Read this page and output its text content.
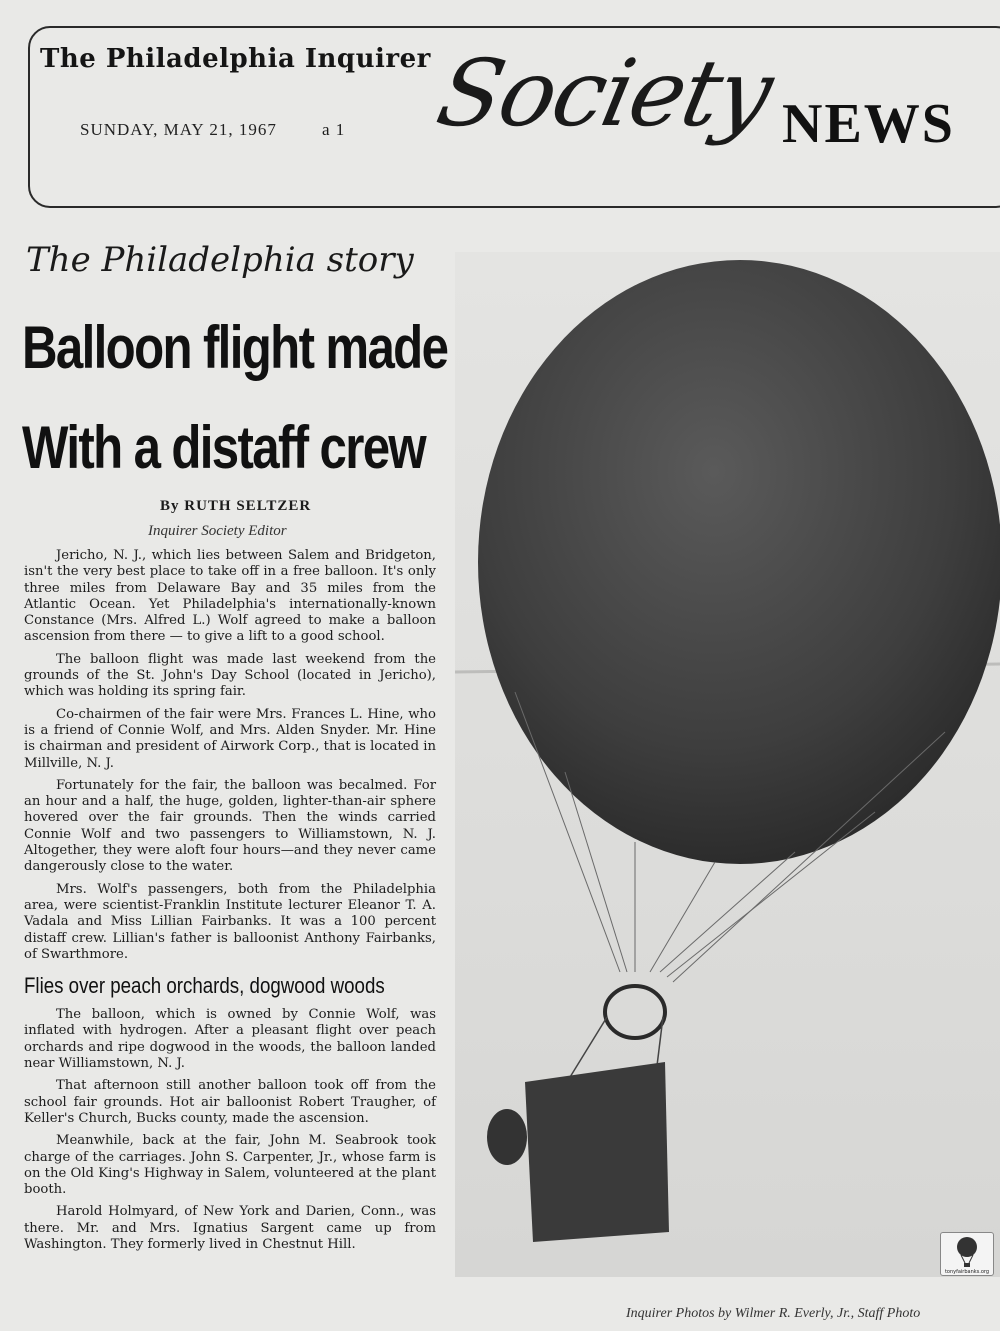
The Philadelphia Inquirer
SUNDAY, MAY 21, 1967	a 1 Society NEWS
The Philadelphia story
Balloon flight made
With a distaff crew
By RUTH SELTZER
Inquirer Society Editor

Jericho, N. J., which lies between Salem and Bridgeton, isn't the very best place to take off in a free balloon. It's only three miles from Delaware Bay and 35 miles from the Atlantic Ocean. Yet Philadelphia's internationally-known Constance (Mrs. Alfred L.) Wolf agreed to make a balloon ascension from there — to give a lift to a good school.

The balloon flight was made last weekend from the grounds of the St. John's Day School (located in Jericho), which was holding its spring fair.

Co-chairmen of the fair were Mrs. Frances L. Hine, who is a friend of Connie Wolf, and Mrs. Alden Snyder. Mr. Hine is chairman and president of Airwork Corp., that is located in Millville, N. J.

Fortunately for the fair, the balloon was becalmed. For an hour and a half, the huge, golden, lighter-than-air sphere hovered over the fair grounds. Then the winds carried Connie Wolf and two passengers to Williamstown, N. J. Altogether, they were aloft four hours—and they never came dangerously close to the water.

Mrs. Wolf's passengers, both from the Philadelphia area, were scientist-Franklin Institute lecturer Eleanor T. A. Vadala and Miss Lillian Fairbanks. It was a 100 percent distaff crew. Lillian's father is balloonist Anthony Fairbanks, of Swarthmore.

Flies over peach orchards, dogwood woods

The balloon, which is owned by Connie Wolf, was inflated with hydrogen. After a pleasant flight over peach orchards and ripe dogwood in the woods, the balloon landed near Williamstown, N. J.

That afternoon still another balloon took off from the school fair grounds. Hot air balloonist Robert Traugher, of Keller's Church, Bucks county, made the ascension.

Meanwhile, back at the fair, John M. Seabrook took charge of the carriages. John S. Carpenter, Jr., whose farm is on the Old King's Highway in Salem, volunteered at the plant booth.

Harold Holmyard, of New York and Darien, Conn., was there. Mr. and Mrs. Ignatius Sargent came up from Washington. They formerly lived in Chestnut Hill.

Inquirer Photos by Wilmer R. Everly, Jr., Staff Photo
tonyfairbanks.org
